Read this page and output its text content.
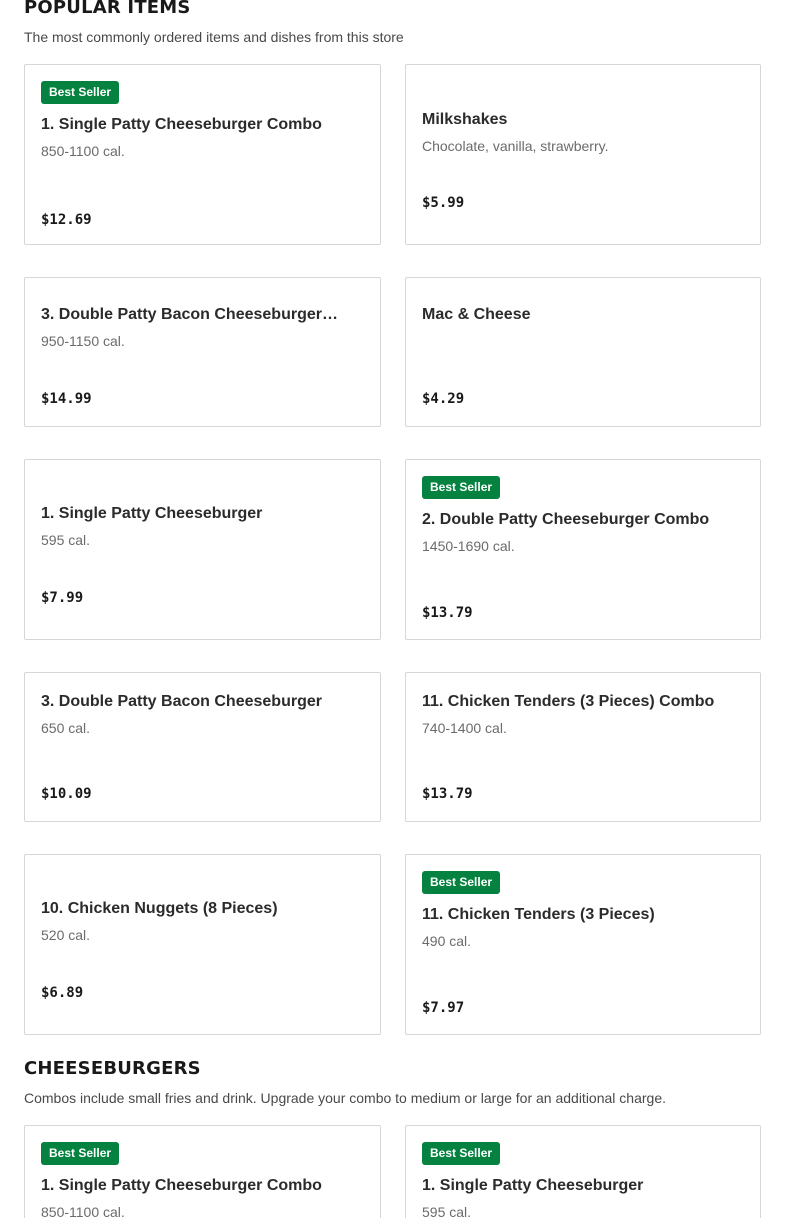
POPULAR ITEMS

The most commonly ordered items and dishes from this store

Best Seller
1. Single Patty Cheeseburger Combo
850-1100 cal.
$12.69
Milkshakes
Chocolate, vanilla, strawberry.
$5.99
3. Double Patty Bacon Cheeseburger…
950-1150 cal.
$14.99
Mac & Cheese
$4.29
1. Single Patty Cheeseburger
595 cal.
$7.99
Best Seller
2. Double Patty Cheeseburger Combo
1450-1690 cal.
$13.79
3. Double Patty Bacon Cheeseburger
650 cal.
$10.09
11. Chicken Tenders (3 Pieces) Combo
740-1400 cal.
$13.79
10. Chicken Nuggets (8 Pieces)
520 cal.
$6.89
Best Seller
11. Chicken Tenders (3 Pieces)
490 cal.
$7.97
CHEESEBURGERS

Combos include small fries and drink. Upgrade your combo to medium or large for an additional charge.

Best Seller
1. Single Patty Cheeseburger Combo
850-1100 cal.
Best Seller
1. Single Patty Cheeseburger
595 cal.
